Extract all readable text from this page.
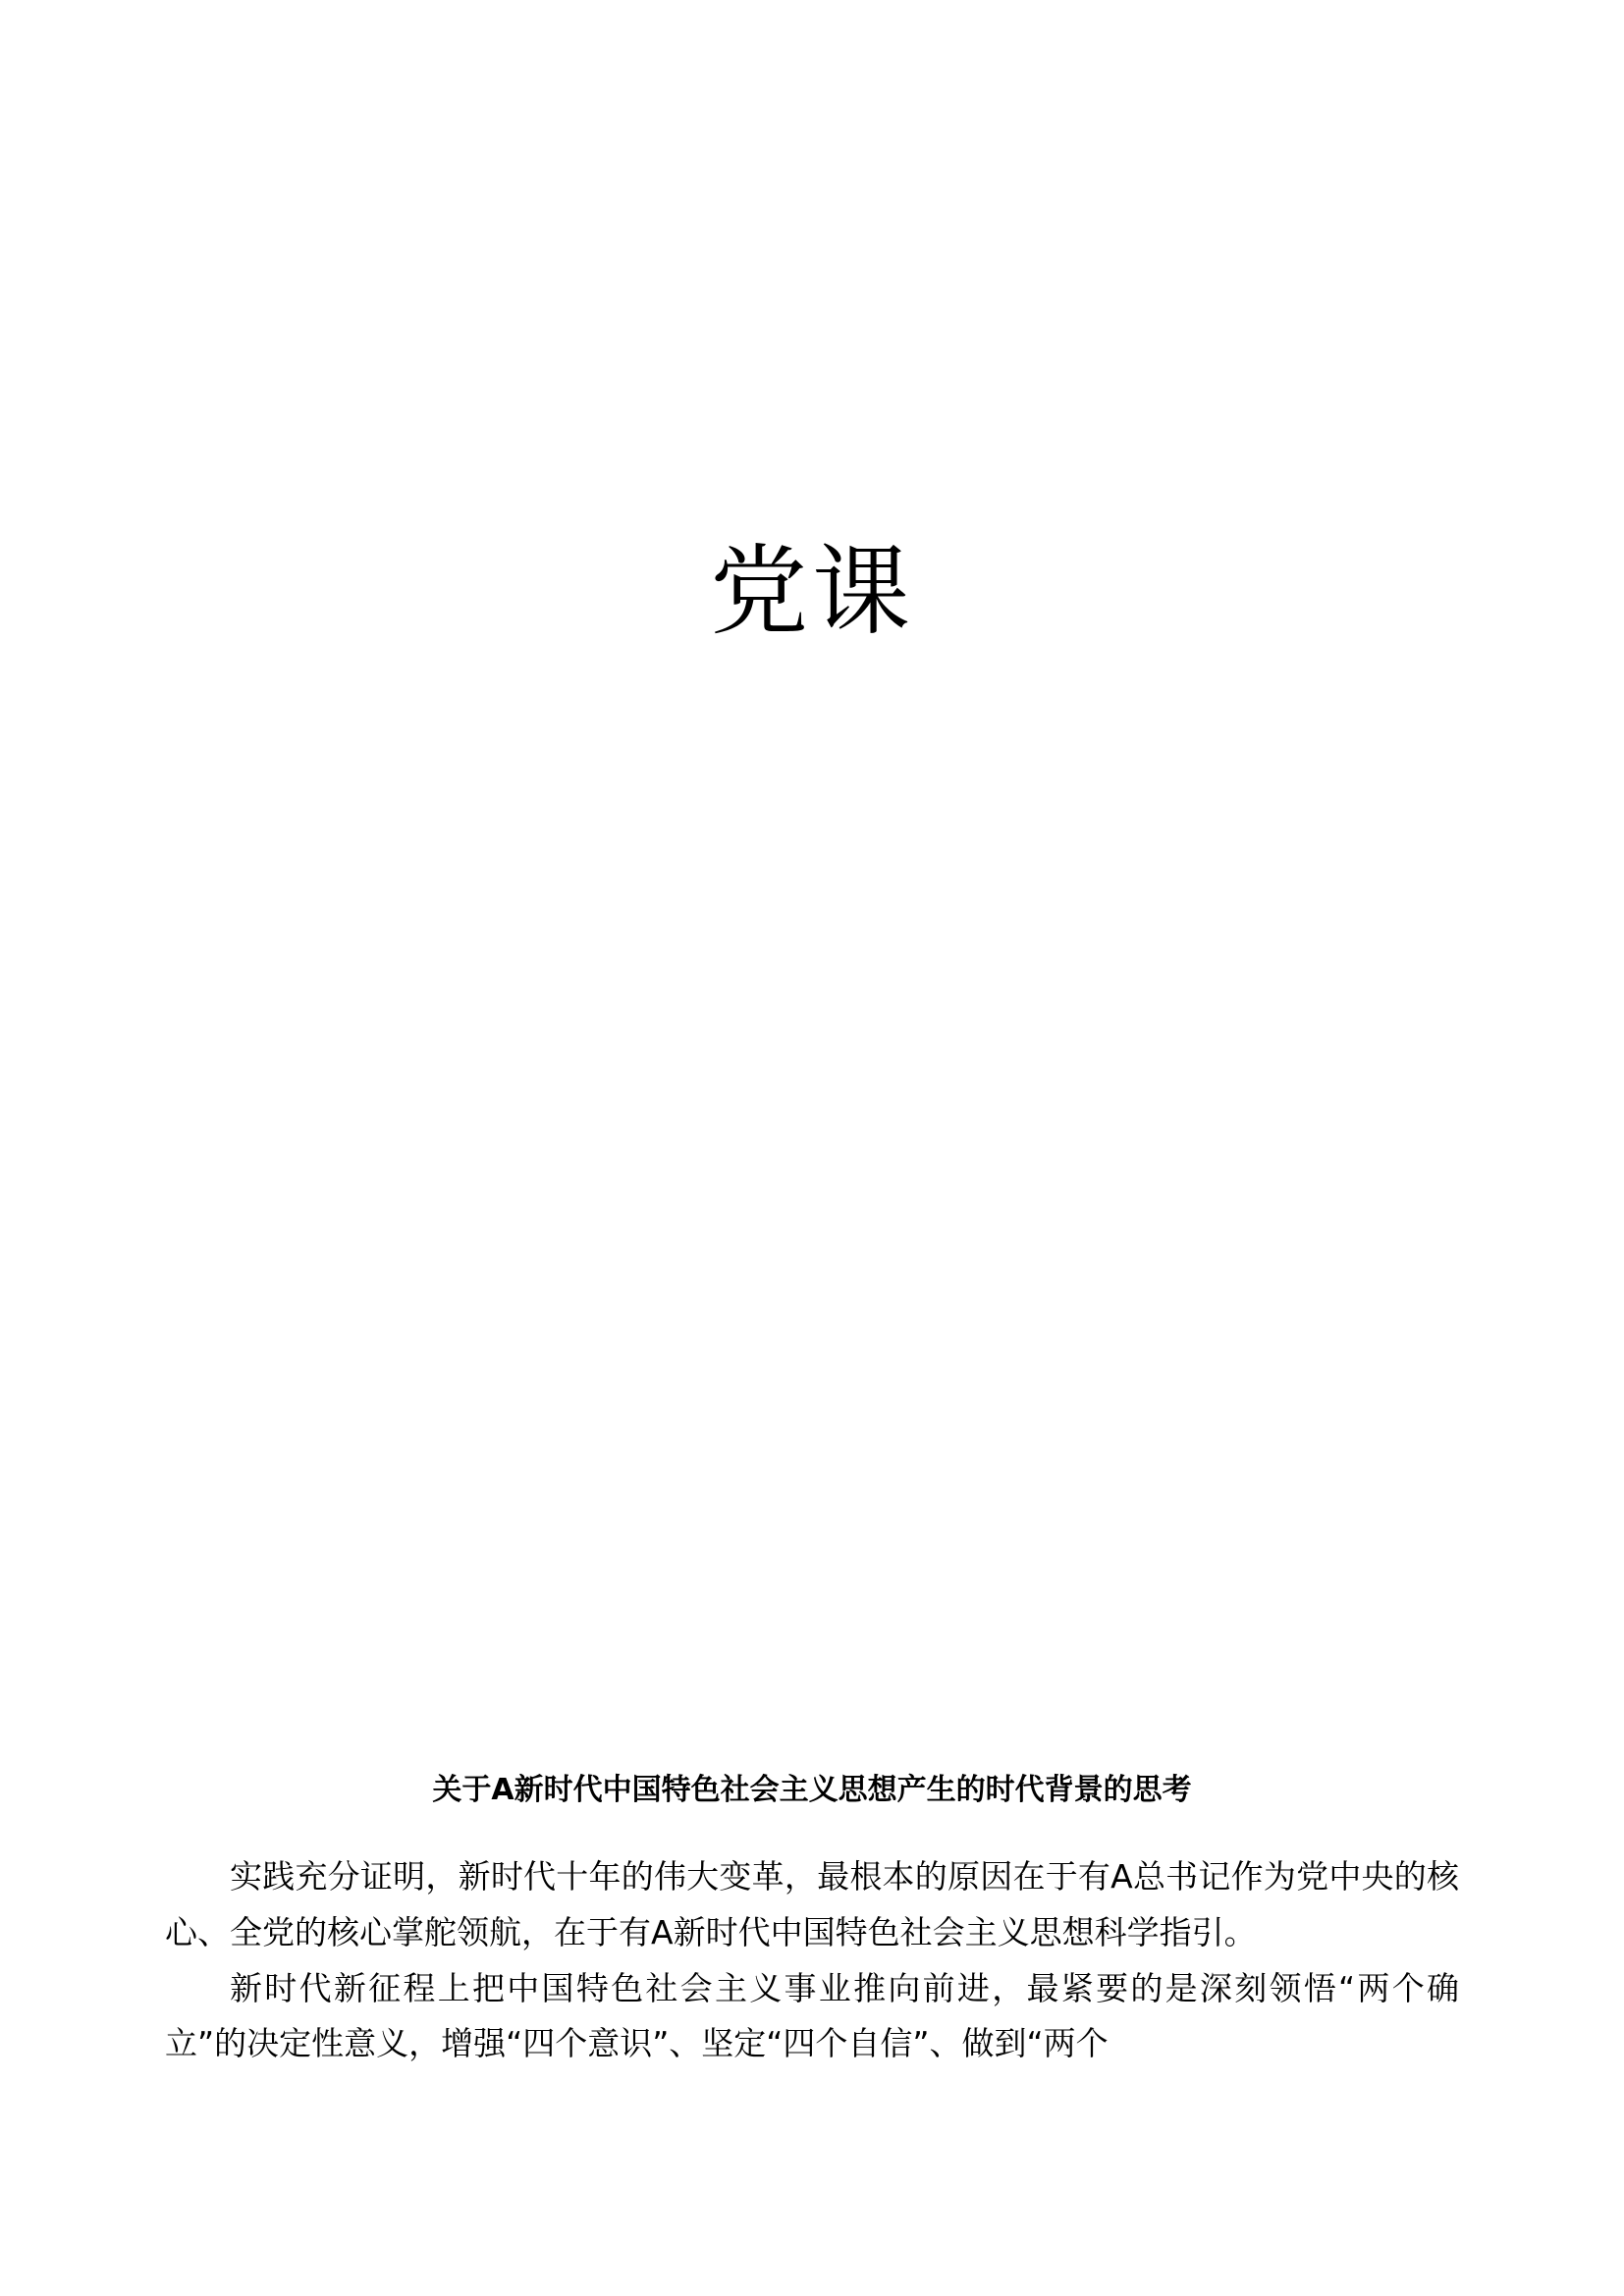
党课
关于A新时代中国特色社会主义思想产生的时代背景的思考

实践充分证明，新时代十年的伟大变革，最根本的原因在于有A总书记作为党中央的核心、全党的核心掌舵领航，在于有A新时代中国特色社会主义思想科学指引。

新时代新征程上把中国特色社会主义事业推向前进，最紧要的是深刻领悟“两个确立”的决定性意义，增强“四个意识”、坚定“四个自信”、做到“两个
